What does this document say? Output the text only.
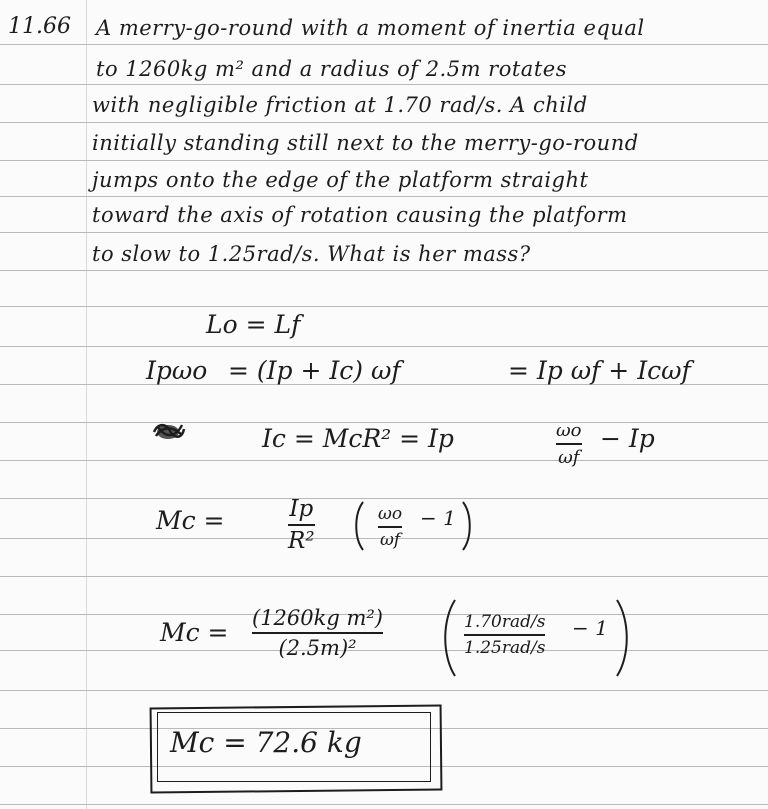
11.66 A merry-go-round with a moment of inertia equal
to 1260kg m² and a radius of 2.5m rotates
with negligible friction at 1.70 rad/s. A child
initially standing still next to the merry-go-round
jumps onto the edge of the platform straight
toward the axis of rotation causing the platform
to slow to 1.25rad/s. What is her mass?
Lo = Lf
Ipωo = (Ip + Ic) ωf	= Ip ωf + Icωf
Ic = McR² = Ip	ωo
ωf
− Ip
Mc =	Ip
R²
ωo
ωf
− 1
Mc = (1260kg m²)
(2.5m)²
1.70rad/s
1.25rad/s
− 1
Mc = 72.6 kg
